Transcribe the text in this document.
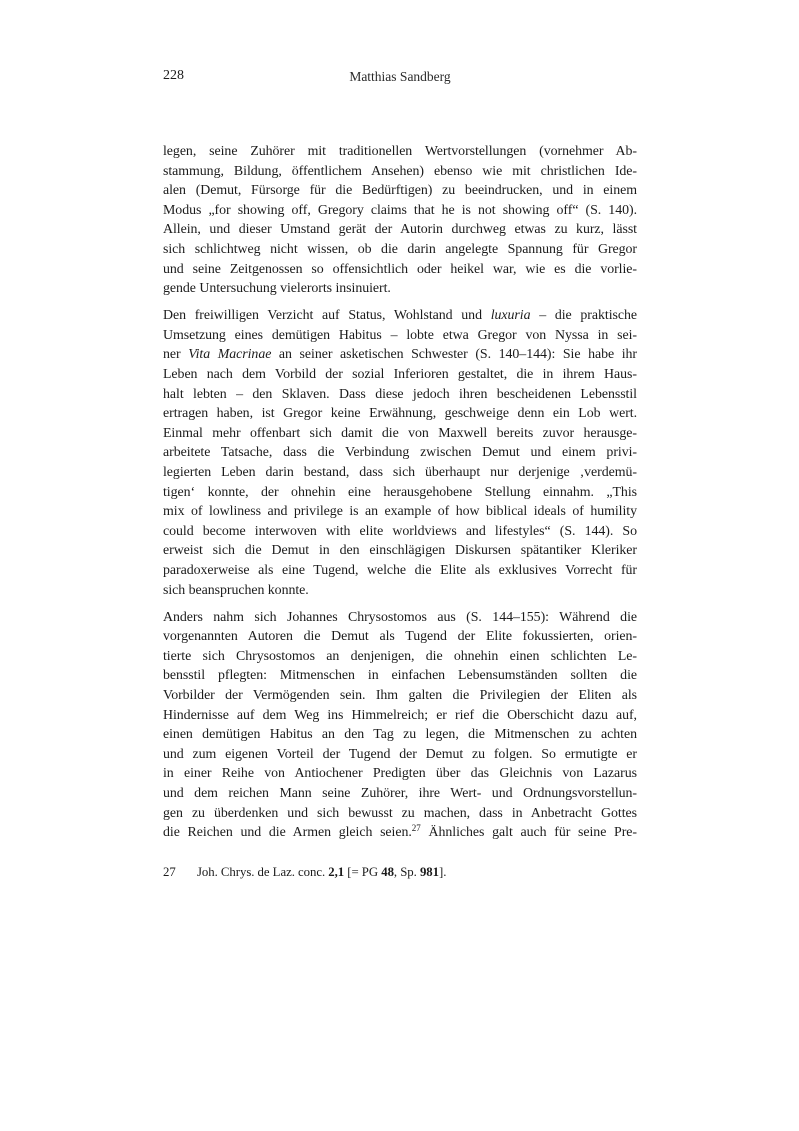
228	Matthias Sandberg
legen, seine Zuhörer mit traditionellen Wertvorstellungen (vornehmer Ab-
stammung, Bildung, öffentlichem Ansehen) ebenso wie mit christlichen Ide-
alen (Demut, Fürsorge für die Bedürftigen) zu beeindrucken, und in einem
Modus „for showing off, Gregory claims that he is not showing off“ (S. 140).
Allein, und dieser Umstand gerät der Autorin durchweg etwas zu kurz, lässt
sich schlichtweg nicht wissen, ob die darin angelegte Spannung für Gregor
und seine Zeitgenossen so offensichtlich oder heikel war, wie es die vorlie-
gende Untersuchung vielerorts insinuiert.
Den freiwilligen Verzicht auf Status, Wohlstand und luxuria – die praktische
Umsetzung eines demütigen Habitus – lobte etwa Gregor von Nyssa in sei-
ner Vita Macrinae an seiner asketischen Schwester (S. 140–144): Sie habe ihr
Leben nach dem Vorbild der sozial Inferioren gestaltet, die in ihrem Haus-
halt lebten – den Sklaven. Dass diese jedoch ihren bescheidenen Lebensstil
ertragen haben, ist Gregor keine Erwähnung, geschweige denn ein Lob wert.
Einmal mehr offenbart sich damit die von Maxwell bereits zuvor herausge-
arbeitete Tatsache, dass die Verbindung zwischen Demut und einem privi-
legierten Leben darin bestand, dass sich überhaupt nur derjenige ‚verdemü-
tigen‘ konnte, der ohnehin eine herausgehobene Stellung einnahm. „This
mix of lowliness and privilege is an example of how biblical ideals of humility
could become interwoven with elite worldviews and lifestyles“ (S. 144). So
erweist sich die Demut in den einschlägigen Diskursen spätantiker Kleriker
paradoxerweise als eine Tugend, welche die Elite als exklusives Vorrecht für
sich beanspruchen konnte.
Anders nahm sich Johannes Chrysostomos aus (S. 144–155): Während die
vorgenannten Autoren die Demut als Tugend der Elite fokussierten, orien-
tierte sich Chrysostomos an denjenigen, die ohnehin einen schlichten Le-
bensstil pflegten: Mitmenschen in einfachen Lebensumständen sollten die
Vorbilder der Vermögenden sein. Ihm galten die Privilegien der Eliten als
Hindernisse auf dem Weg ins Himmelreich; er rief die Oberschicht dazu auf,
einen demütigen Habitus an den Tag zu legen, die Mitmenschen zu achten
und zum eigenen Vorteil der Tugend der Demut zu folgen. So ermutigte er
in einer Reihe von Antiochener Predigten über das Gleichnis von Lazarus
und dem reichen Mann seine Zuhörer, ihre Wert- und Ordnungsvorstellun-
gen zu überdenken und sich bewusst zu machen, dass in Anbetracht Gottes
die Reichen und die Armen gleich seien.$^{27}$ Ähnliches galt auch für seine Pre-
27	Joh. Chrys. de Laz. conc. 2,1 [= PG 48, Sp. 981].
